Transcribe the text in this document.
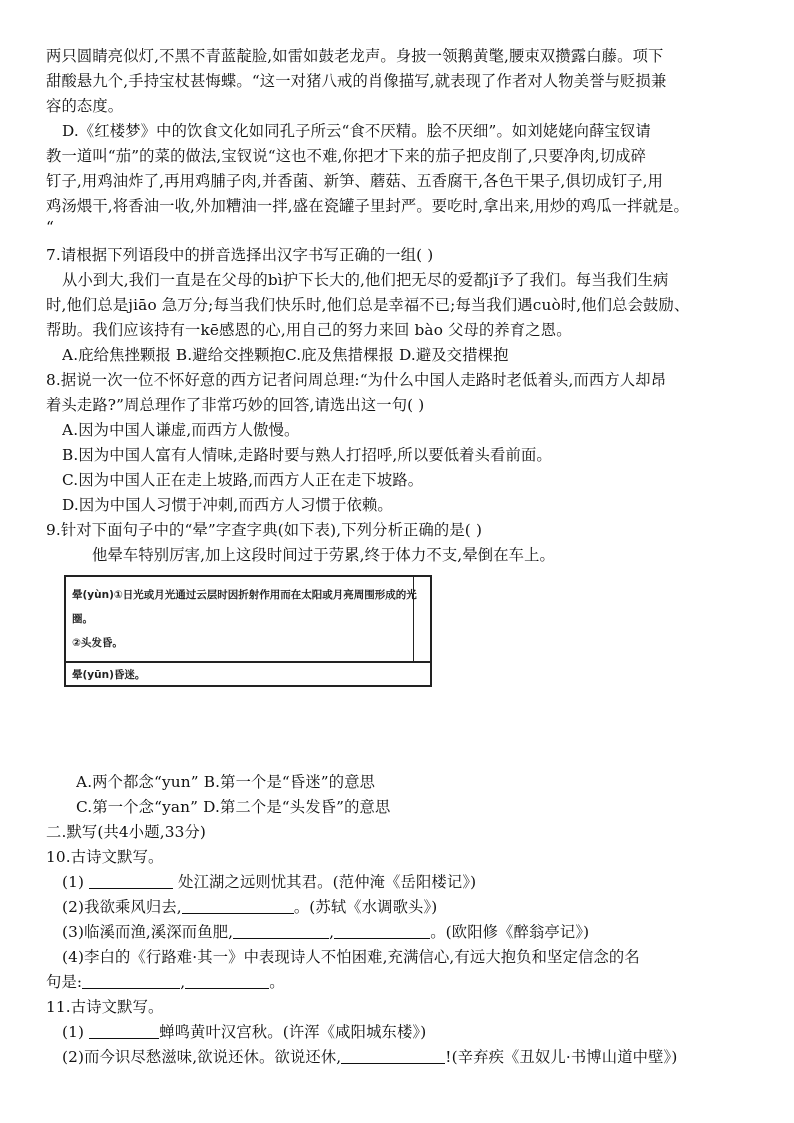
两只圆睛亮似灯,不黑不青蓝靛脸,如雷如鼓老龙声。身披一领鹅黄氅,腰束双攒露白藤。项下
甜酸悬九个,手持宝杖甚悔蝶。“这一对猪八戒的肖像描写,就表现了作者对人物美誉与贬损兼
容的态度。
D.《红楼梦》中的饮食文化如同孔子所云“食不厌精。脍不厌细”。如刘姥姥向薛宝钗请
教一道叫“茄”的菜的做法,宝钗说“这也不难,你把才下来的茄子把皮削了,只要净肉,切成碎
钉子,用鸡油炸了,再用鸡脯子肉,并香菌、新笋、蘑菇、五香腐干,各色干果子,俱切成钉子,用
鸡汤煨干,将香油一收,外加糟油一拌,盛在瓷罐子里封严。要吃时,拿出来,用炒的鸡瓜一拌就是。
“
7.请根据下列语段中的拼音选择出汉字书写正确的一组( )
从小到大,我们一直是在父母的bì护下长大的,他们把无尽的爱都jǐ予了我们。每当我们生病
时,他们总是jiāo 急万分;每当我们快乐时,他们总是幸福不已;每当我们遇cuò时,他们总会鼓励、
帮助。我们应该持有一kē感恩的心,用自己的努力来回 bào 父母的养育之恩。
A.庇给焦挫颗报 B.避给交挫颗抱C.庇及焦措棵报 D.避及交措棵抱
8.据说一次一位不怀好意的西方记者问周总理:“为什么中国人走路时老低着头,而西方人却昂
着头走路?”周总理作了非常巧妙的回答,请选出这一句( )
A.因为中国人谦虚,而西方人傲慢。
B.因为中国人富有人情味,走路时要与熟人打招呼,所以要低着头看前面。
C.因为中国人正在走上坡路,而西方人正在走下坡路。
D.因为中国人习惯于冲刺,而西方人习惯于依赖。
9.针对下面句子中的“晕”字查字典(如下表),下列分析正确的是( )
他晕车特别厉害,加上这段时间过于劳累,终于体力不支,晕倒在车上。
晕(yùn)①日光或月光通过云层时因折射作用而在太阳或月亮周围形成的光圈。
②头发昏。
晕(yūn)昏迷。
A.两个都念“yun” B.第一个是“昏迷”的意思
C.第一个念“yan” D.第二个是“头发昏”的意思
二.默写(共4小题,33分)
10.古诗文默写。
(1)	处江湖之远则忧其君。(范仲淹《岳阳楼记》)
(2)我欲乘风归去,	。(苏轼《水调歌头》)
(3)临溪而渔,溪深而鱼肥,	,	。(欧阳修《醉翁亭记》)
(4)李白的《行路难·其一》中表现诗人不怕困难,充满信心,有远大抱负和坚定信念的名
句是:	,	。
11.古诗文默写。
(1)	蝉鸣黄叶汉宫秋。(许浑《咸阳城东楼》)
(2)而今识尽愁滋味,欲说还休。欲说还休,	!(辛弃疾《丑奴儿·书博山道中壁》)
